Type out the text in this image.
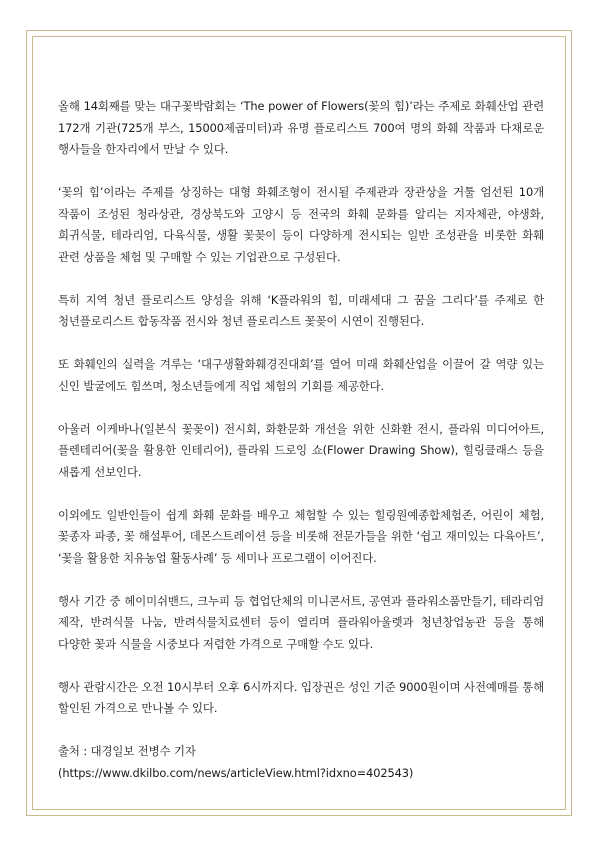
올해 14회째를 맞는 대구꽃박람회는 ‘The power of Flowers(꽃의 힘)’라는 주제로 화훼산업 관련 172개 기관(725개 부스, 15000제곱미터)과 유명 플로리스트 700여 명의 화훼 작품과 다채로운 행사들을 한자리에서 만날 수 있다.

‘꽃의 힘’이라는 주제를 상징하는 대형 화훼조형이 전시될 주제관과 장관상을 거툴 엄선된 10개 작품이 조성된 청라상관, 경상북도와 고양시 등 전국의 화훼 문화를 알리는 지자체관, 야생화, 희귀식물, 테라리엄, 다육식물, 생활 꽃꽂이 등이 다양하게 전시되는 일반 조성관을 비롯한 화훼 관련 상품을 체험 및 구매할 수 있는 기업관으로 구성된다.

특히 지역 청년 플로리스트 양성을 위해 ‘K플라워의 힘, 미래세대 그 꿈을 그리다’를 주제로 한 청년플로리스트 합동작품 전시와 청년 플로리스트 꽃꽂이 시연이 진행된다.

또 화훼인의 실력을 겨루는 ‘대구생활화훼경진대회’를 열어 미래 화훼산업을 이끌어 갈 역량 있는 신인 발굴에도 힘쓰며, 청소년들에게 직업 체험의 기회를 제공한다.

아울러 이케바나(일본식 꽃꽂이) 전시회, 화환문화 개선을 위한 신화환 전시, 플라워 미디어아트, 플렌테리어(꽃을 활용한 인테리어), 플라워 드로잉 쇼(Flower Drawing Show), 힐링클래스 등을 새롭게 선보인다.

이외에도 일반인들이 쉽게 화훼 문화를 배우고 체험할 수 있는 힐링원예종합체험존, 어린이 체험, 꽃종자 파종, 꽃 해설투어, 데몬스트레이션 등을 비롯해 전문가들을 위한 ‘쉽고 재미있는 다육아트’, ‘꽃을 활용한 치유농업 활동사례’ 등 세미나 프로그램이 이어진다.

행사 기간 중 헤이미쉬밴드, 크누피 등 협업단체의 미니콘서트, 공연과 플라워소품만들기, 테라리엄 제작, 반려식물 나눔, 반려식물치료센터 등이 열리며 플라워아울렛과 청년창업농관 등을 통해 다양한 꽃과 식물을 시중보다 저렴한 가격으로 구매할 수도 있다.

행사 관람시간은 오전 10시부터 오후 6시까지다. 입장권은 성인 기준 9000원이며 사전예매를 통해 할인된 가격으로 만나볼 수 있다.

출처 : 대경일보 전병수 기자

(https://www.dkilbo.com/news/articleView.html?idxno=402543)
